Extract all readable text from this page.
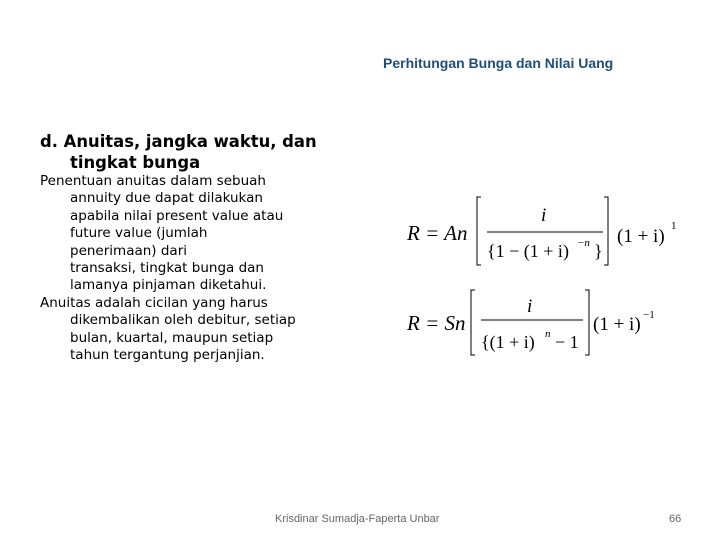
Perhitungan Bunga dan Nilai Uang

d. Anuitas, jangka waktu, dan
tingkat bunga

Penentuan anuitas dalam sebuah
annuity due dapat dilakukan
apabila nilai present value atau
future value (jumlah
penerimaan) dari
transaksi, tingkat bunga dan
lamanya pinjaman diketahui.

Anuitas adalah cicilan yang harus
dikembalikan oleh debitur, setiap
bulan, kuartal, maupun setiap
tahun tergantung perjanjian.

R = An
i
{1 − (1 + i) −n }
(1 + i) 1
R = Sn
i
{(1 + i) n − 1
(1 + i) −1
Krisdinar Sumadja-Faperta Unbar	66
